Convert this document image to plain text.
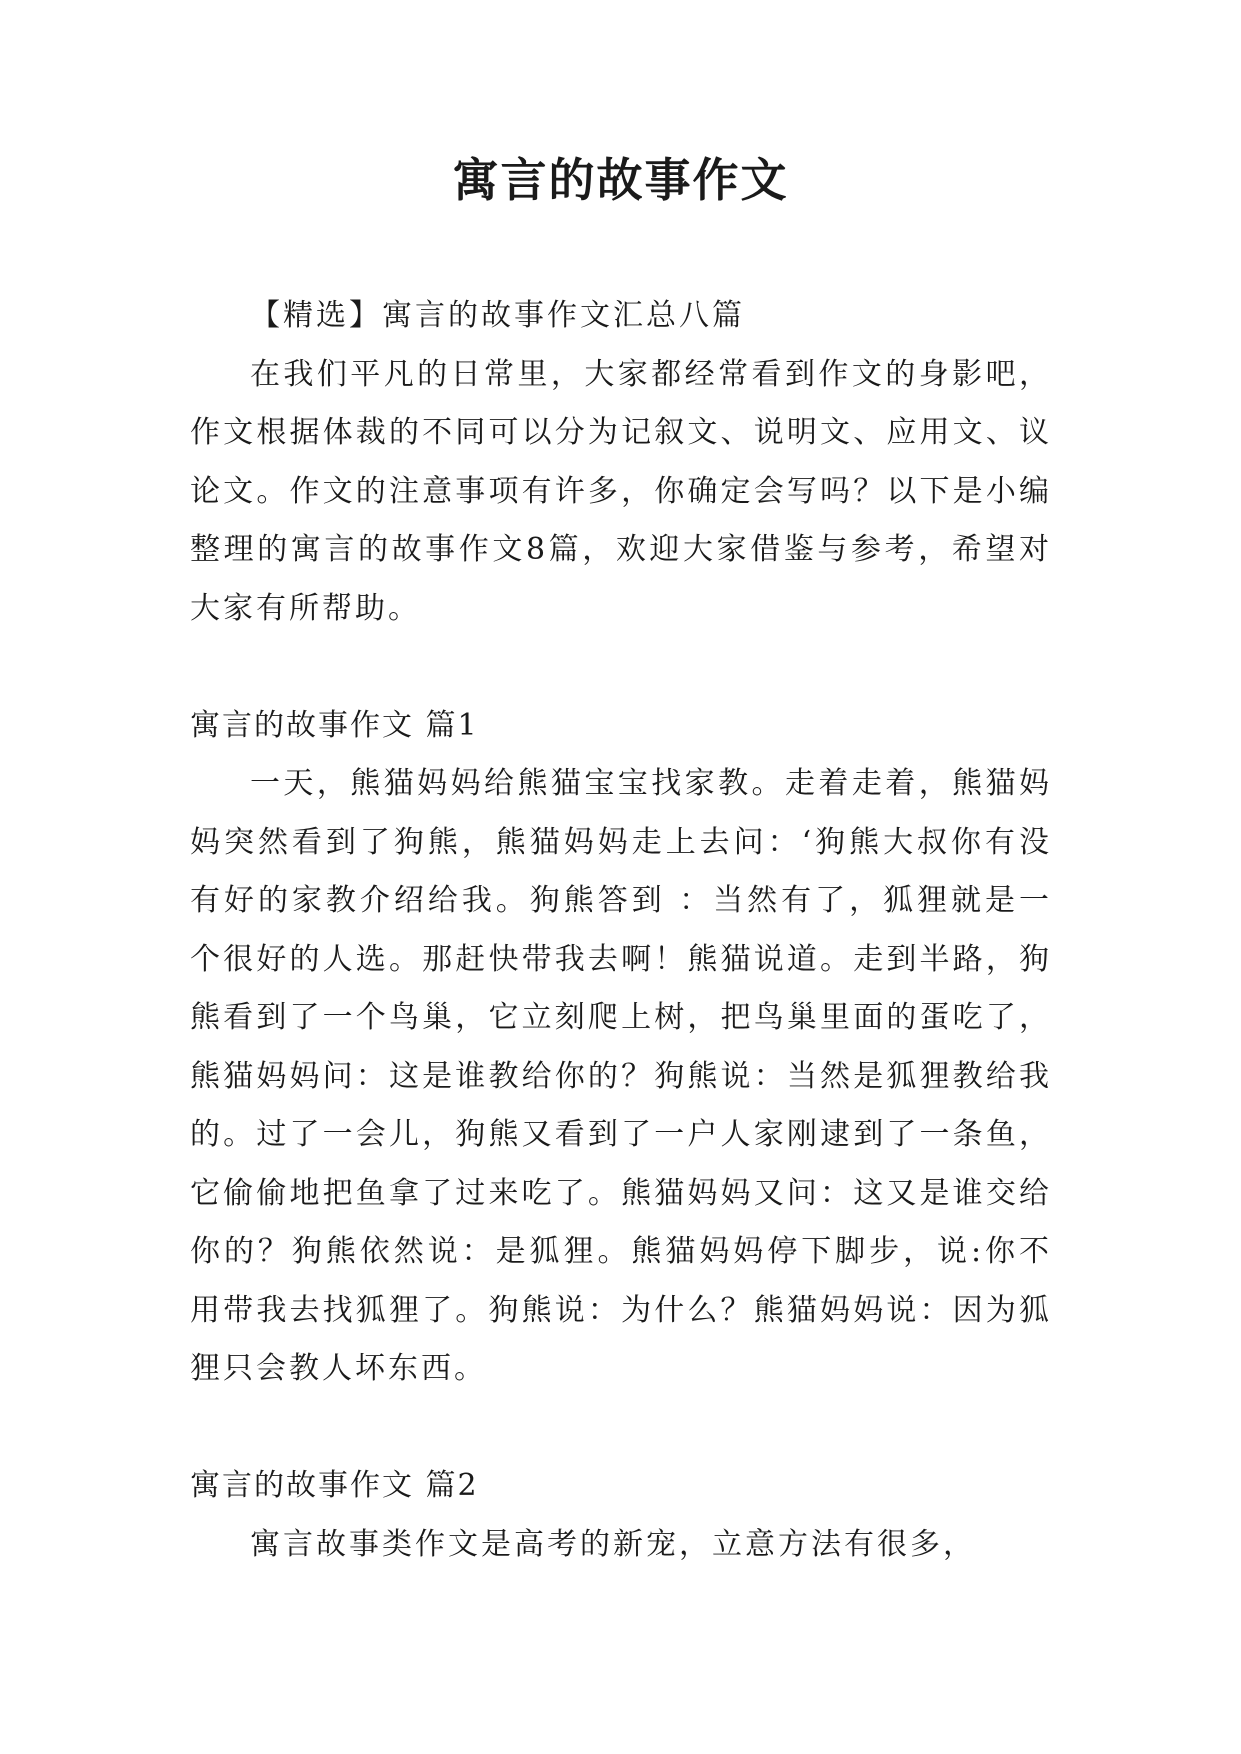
寓言的故事作文

【精选】寓言的故事作文汇总八篇

在我们平凡的日常里，大家都经常看到作文的身影吧，作文根据体裁的不同可以分为记叙文、说明文、应用文、议论文。作文的注意事项有许多，你确定会写吗？以下是小编整理的寓言的故事作文8篇，欢迎大家借鉴与参考，希望对大家有所帮助。

寓言的故事作文 篇1

一天，熊猫妈妈给熊猫宝宝找家教。走着走着，熊猫妈妈突然看到了狗熊，熊猫妈妈走上去问：‘狗熊大叔你有没有好的家教介绍给我。狗熊答到 ：当然有了，狐狸就是一个很好的人选。那赶快带我去啊！熊猫说道。走到半路，狗熊看到了一个鸟巢，它立刻爬上树，把鸟巢里面的蛋吃了，熊猫妈妈问：这是谁教给你的？狗熊说：当然是狐狸教给我的。过了一会儿，狗熊又看到了一户人家刚逮到了一条鱼，它偷偷地把鱼拿了过来吃了。熊猫妈妈又问：这又是谁交给你的？狗熊依然说：是狐狸。熊猫妈妈停下脚步，说:你不用带我去找狐狸了。狗熊说：为什么？熊猫妈妈说：因为狐狸只会教人坏东西。

寓言的故事作文 篇2

寓言故事类作文是高考的新宠，立意方法有很多，
